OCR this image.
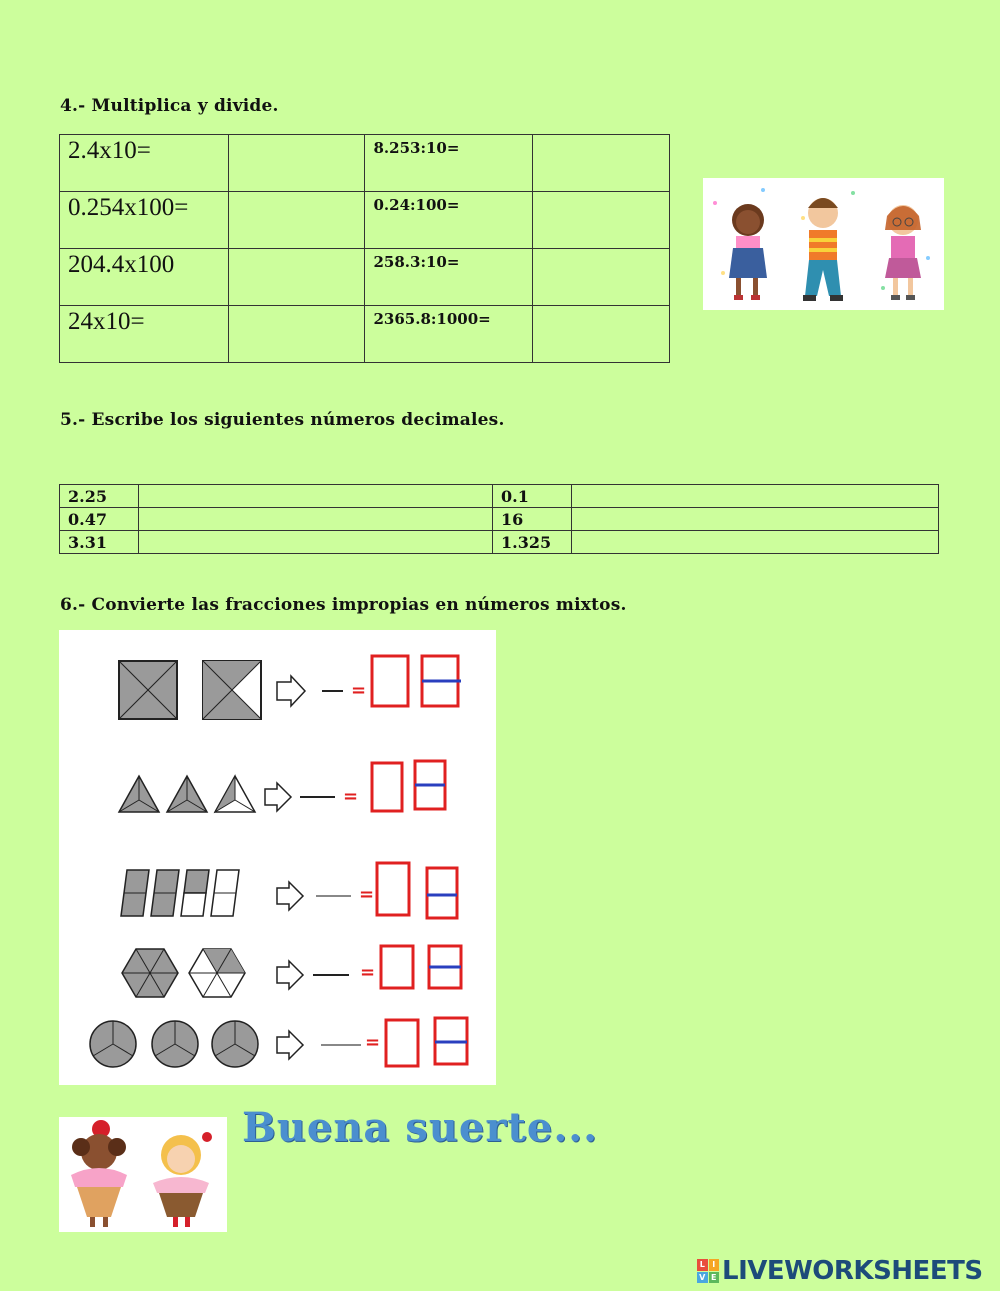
4.- Multiplica y divide.
2.4x10=		8.253:10=	
0.254x100=		0.24:100=	
204.4x100		258.3:10=	
24x10=		2365.8:1000=	
5.- Escribe los siguientes números decimales.
2.25		0.1	
0.47		16	
3.31		1.325	
6.- Convierte las fracciones impropias en números mixtos.
=
=
=
=
=
Buena suerte...
L I
V E LIVEWORKSHEETS
